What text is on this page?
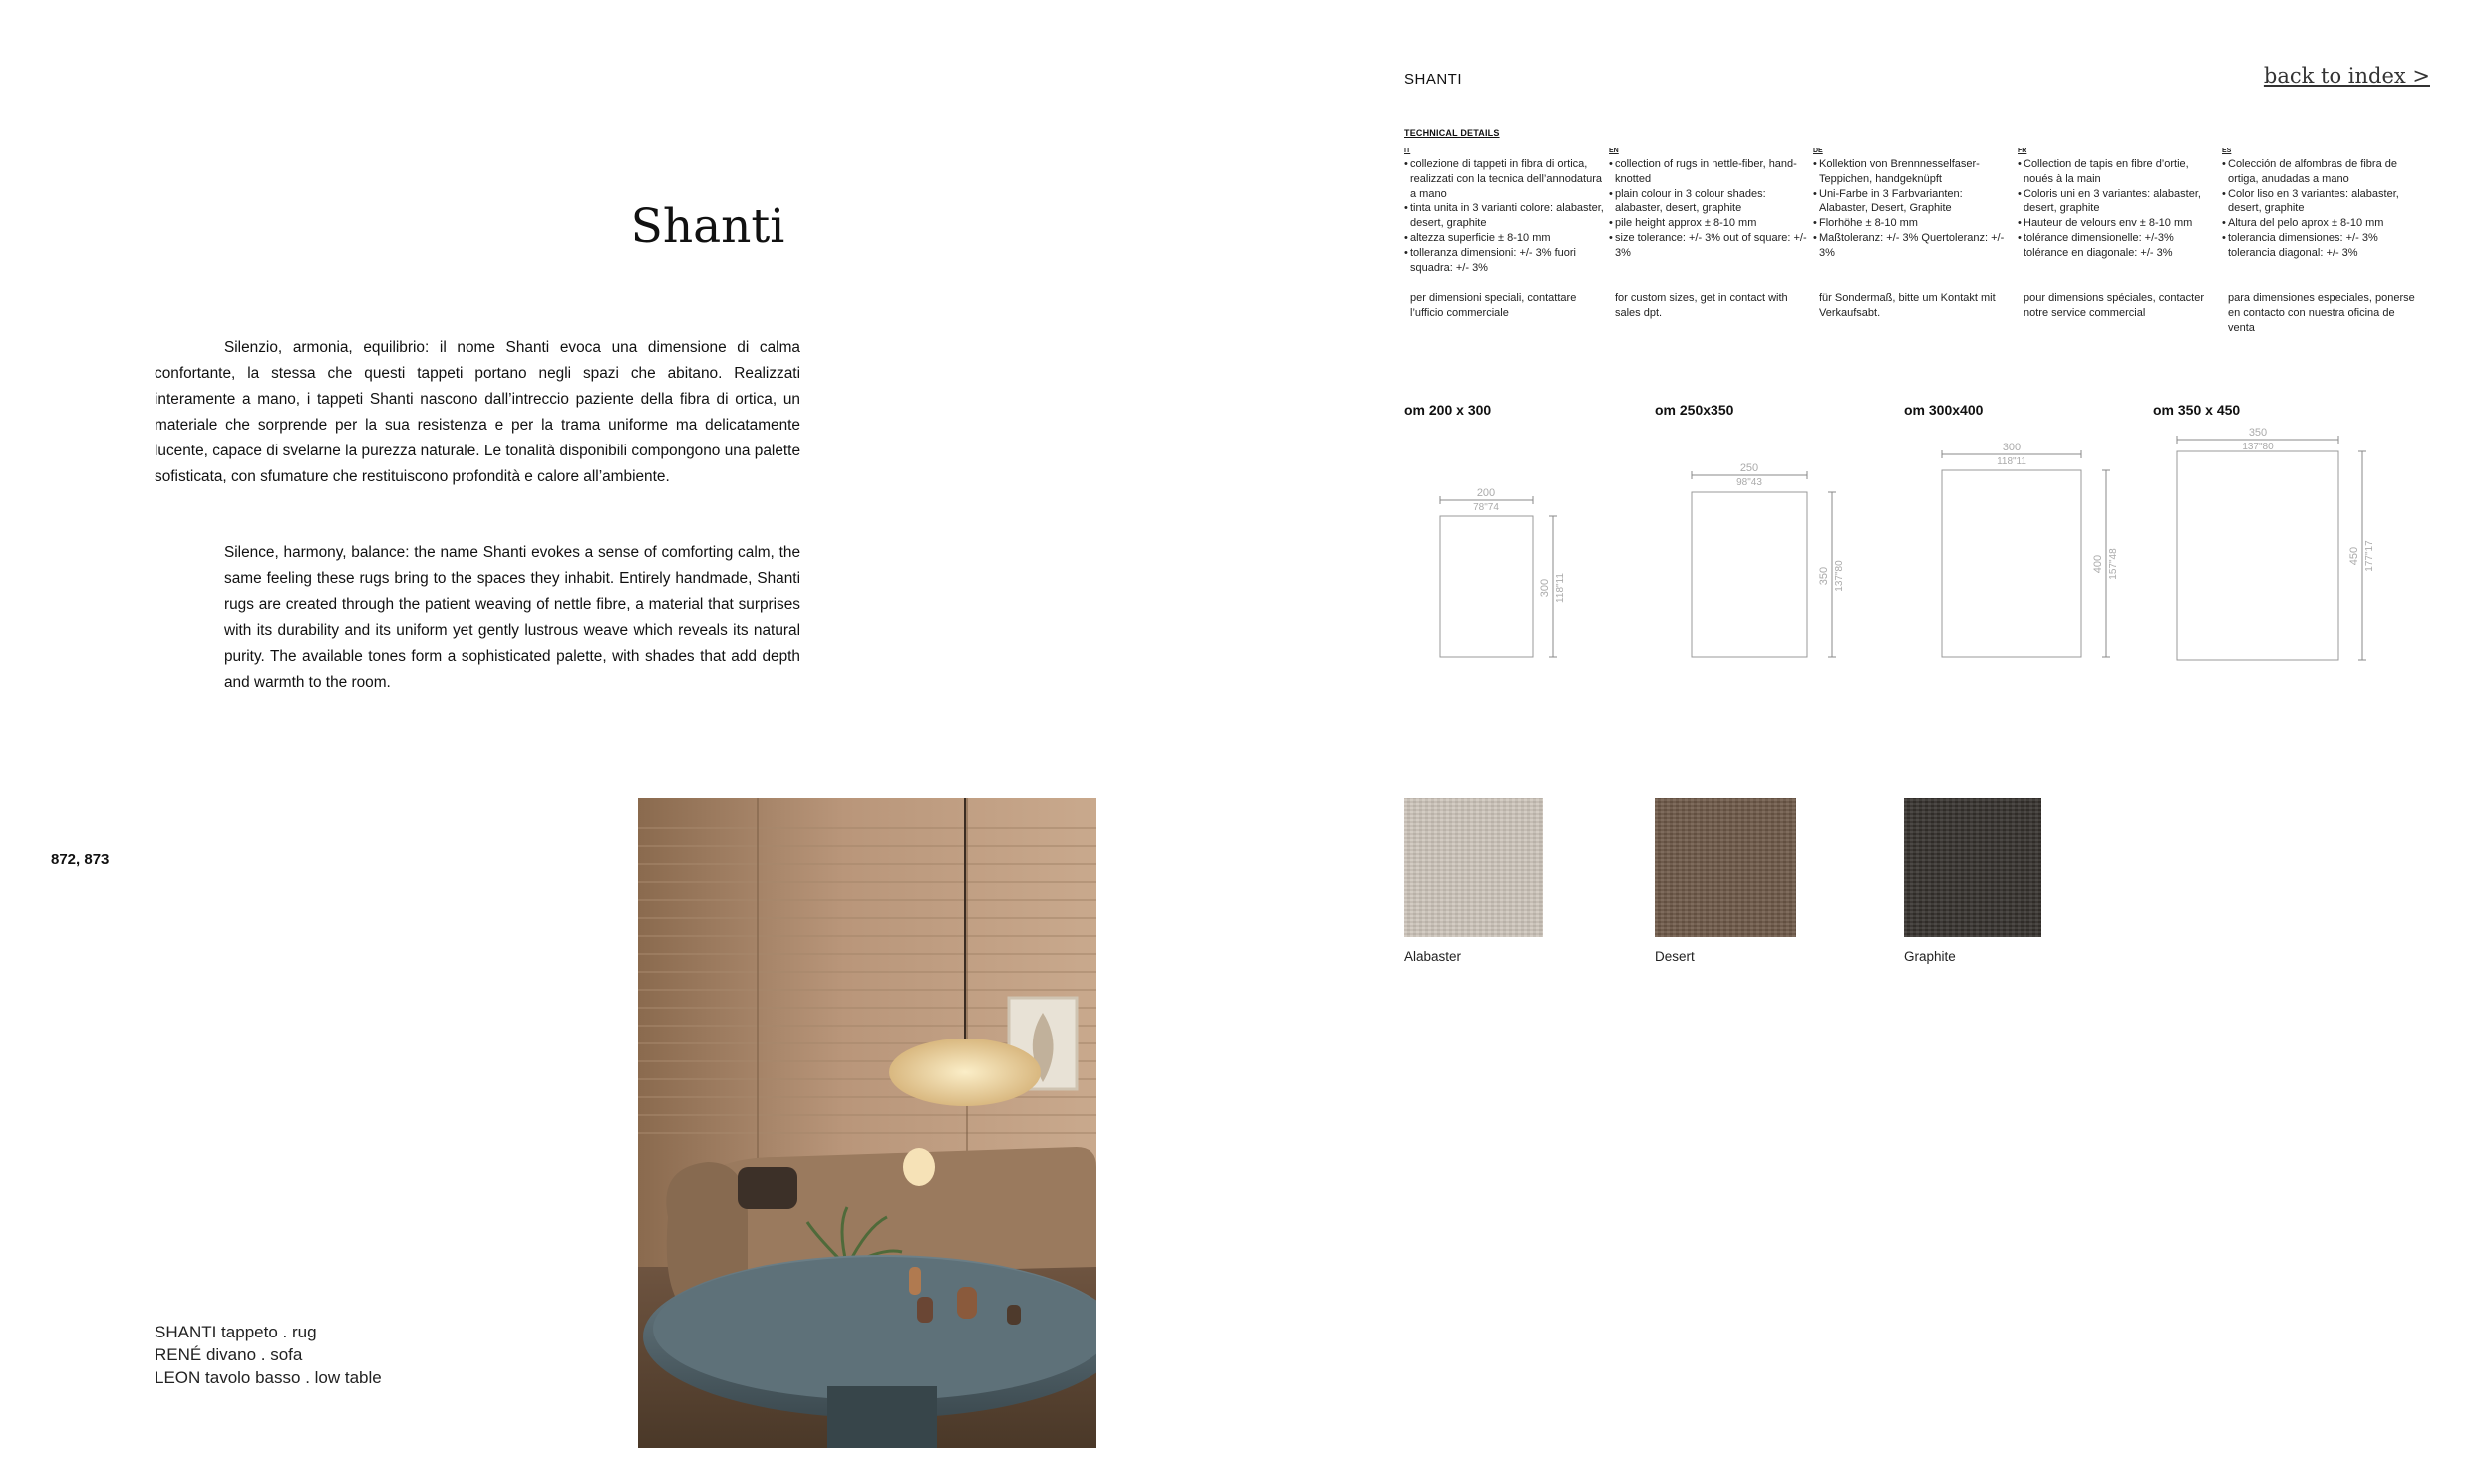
Shanti
Silenzio, armonia, equilibrio: il nome Shanti evoca una dimensione di calma confortante, la stessa che questi tappeti portano negli spazi che abitano. Realizzati interamente a mano, i tappeti Shanti nascono dall’intreccio paziente della fibra di ortica, un materiale che sorprende per la sua resistenza e per la trama uniforme ma delicatamente lucente, capace di svelarne la purezza naturale. Le tonalità disponibili compongono una palette sofisticata, con sfumature che restituiscono profondità e calore all’ambiente.
Silence, harmony, balance: the name Shanti evokes a sense of comforting calm, the same feeling these rugs bring to the spaces they inhabit. Entirely handmade, Shanti rugs are created through the patient weaving of nettle fibre, a material that surprises with its durability and its uniform yet gently lustrous weave which reveals its natural purity. The available tones form a sophisticated palette, with shades that add depth and warmth to the room.
872, 873
SHANTI tappeto . rug
RENÉ divano . sofa
LEON tavolo basso . low table
SHANTI	back to index >
TECHNICAL DETAILS
IT
• collezione di tappeti in fibra di ortica, realizzati con la tecnica dell’annodatura a mano
• tinta unita in 3 varianti colore: alabaster, desert, graphite
• altezza superficie ± 8-10 mm
• tolleranza dimensioni: +/- 3% fuori squadra: +/- 3%
per dimensioni speciali, contattare l’ufficio commerciale
EN
• collection of rugs in nettle-fiber, hand-knotted
• plain colour in 3 colour shades: alabaster, desert, graphite
• pile height approx ± 8-10 mm
• size tolerance: +/- 3% out of square: +/- 3%
for custom sizes, get in contact with sales dpt.
DE
• Kollektion von Brennnesselfaser-Teppichen, handgeknüpft
• Uni-Farbe in 3 Farbvarianten: Alabaster, Desert, Graphite
• Florhöhe ± 8-10 mm
• Maßtoleranz: +/- 3% Quertoleranz: +/- 3%
für Sondermaß, bitte um Kontakt mit Verkaufsabt.
FR
• Collection de tapis en fibre d’ortie, noués à la main
• Coloris uni en 3 variantes: alabaster, desert, graphite
• Hauteur de velours env ± 8-10 mm
• tolérance dimensionelle: +/-3% tolérance en diagonale: +/- 3%
pour dimensions spéciales, contacter notre service commercial
ES
• Colección de alfombras de fibra de ortiga, anudadas a mano
• Color liso en 3 variantes: alabaster, desert, graphite
• Altura del pelo aprox ± 8-10 mm
• tolerancia dimensiones: +/- 3% tolerancia diagonal: +/- 3%
para dimensiones especiales, ponerse en contacto con nuestra oficina de venta
om 200 x 300	om 250x350	om 300x400	om 350 x 450
200
78"74
300 118"11
250
98"43
350 137"80
300
118"11
400 157"48
350
137"80
450 177"17
Alabaster	Desert	Graphite
